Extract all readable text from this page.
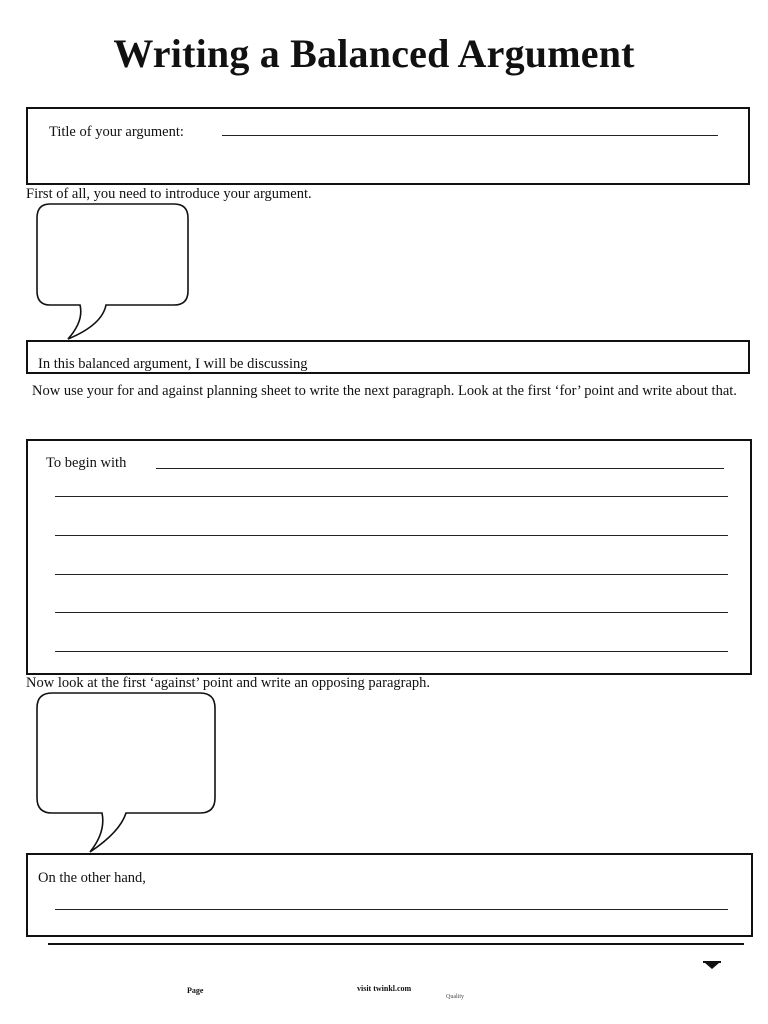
Writing a Balanced Argument
Title of your argument:
First of all, you need to introduce your argument.
In this balanced argument, I will be discussing
Now use your for and against planning sheet to write the next paragraph. Look at the first ‘for’ point and write about that.
To begin with
Now look at the first ‘against’ point and write an opposing paragraph.
On the other hand,
Page	visit twinkl.com
Quality
